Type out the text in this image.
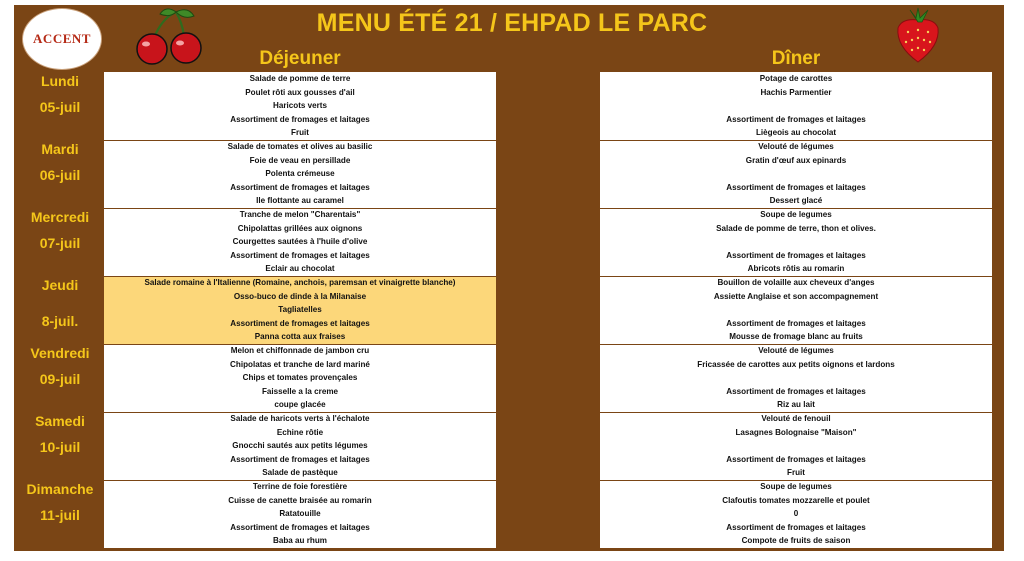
ACCENT
MENU ÉTÉ 21 / EHPAD LE PARC
Déjeuner	Dîner
Lundi
05-juil
Salade de pomme de terre
Poulet rôti aux gousses d'ail
Haricots verts
Assortiment de fromages et laitages
Fruit
Potage de carottes
Hachis Parmentier
Assortiment de fromages et laitages
Liègeois au chocolat
Mardi
06-juil
Salade de tomates et olives au basilic
Foie de veau en persillade
Polenta crémeuse
Assortiment de fromages et laitages
Ile flottante au caramel
Velouté de légumes
Gratin d'œuf aux epinards
Assortiment de fromages et laitages
Dessert glacé
Mercredi
07-juil
Tranche de melon "Charentais"
Chipolattas grillées aux oignons
Courgettes sautées à l'huile d'olive
Assortiment de fromages et laitages
Eclair au chocolat
Soupe de legumes
Salade de pomme de terre, thon et olives.
Assortiment de fromages et laitages
Abricots rôtis au romarin
Jeudi
8-juil.
Salade romaine à l'Italienne (Romaine, anchois, paremsan et vinaigrette blanche)
Osso-buco de dinde à la Milanaise
Tagliatelles
Assortiment de fromages et laitages
Panna cotta aux fraises
Bouillon de volaille aux cheveux d'anges
Assiette Anglaise et son accompagnement
Assortiment de fromages et laitages
Mousse de fromage blanc au fruits
Vendredi
09-juil
Melon et chiffonnade de jambon cru
Chipolatas et tranche de lard mariné
Chips et tomates provençales
Faisselle a la creme
coupe glacée
Velouté de légumes
Fricassée de carottes aux petits oignons et lardons
Assortiment de fromages et laitages
Riz au lait
Samedi
10-juil
Salade de haricots verts à l'échalote
Echine rôtie
Gnocchi sautés aux petits légumes
Assortiment de fromages et laitages
Salade de pastèque
Velouté de fenouil
Lasagnes Bolognaise "Maison"
Assortiment de fromages et laitages
Fruit
Dimanche
11-juil
Terrine de foie forestière
Cuisse de canette braisée au romarin
Ratatouille
Assortiment de fromages et laitages
Baba au rhum
Soupe de legumes
Clafoutis tomates mozzarelle et poulet
0
Assortiment de fromages et laitages
Compote de fruits de saison
